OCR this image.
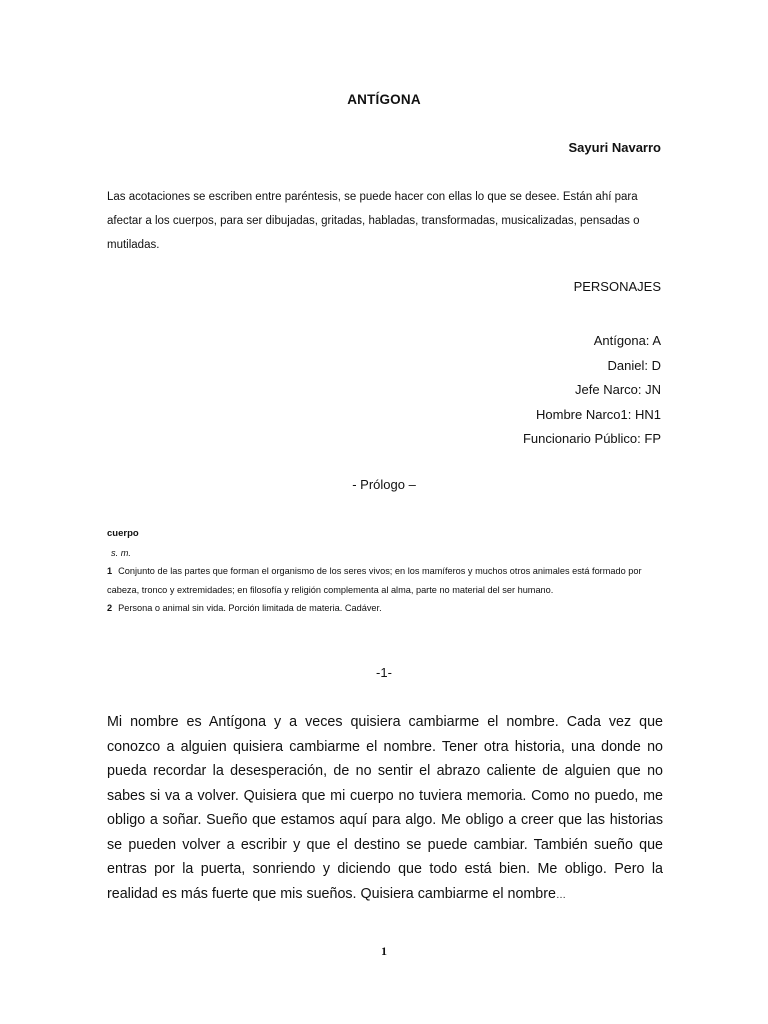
ANTÍGONA
Sayuri Navarro
Las acotaciones se escriben entre paréntesis, se puede hacer con ellas lo que se desee. Están ahí para afectar a los cuerpos, para ser dibujadas, gritadas, habladas, transformadas, musicalizadas, pensadas o mutiladas.
PERSONAJES
Antígona: A
Daniel: D
Jefe Narco: JN
Hombre Narco1: HN1
Funcionario Público: FP
- Prólogo –
cuerpo
s. m.
1 Conjunto de las partes que forman el organismo de los seres vivos; en los mamíferos y muchos otros animales está formado por cabeza, tronco y extremidades; en filosofía y religión complementa al alma, parte no material del ser humano.
2 Persona o animal sin vida. Porción limitada de materia. Cadáver.
-1-
Mi nombre es Antígona y a veces quisiera cambiarme el nombre. Cada vez que conozco a alguien quisiera cambiarme el nombre. Tener otra historia, una donde no pueda recordar la desesperación, de no sentir el abrazo caliente de alguien que no sabes si va a volver. Quisiera que mi cuerpo no tuviera memoria. Como no puedo, me obligo a soñar. Sueño que estamos aquí para algo. Me obligo a creer que las historias se pueden volver a escribir y que el destino se puede cambiar. También sueño que entras por la puerta, sonriendo y diciendo que todo está bien. Me obligo. Pero la realidad es más fuerte que mis sueños. Quisiera cambiarme el nombre…
1
